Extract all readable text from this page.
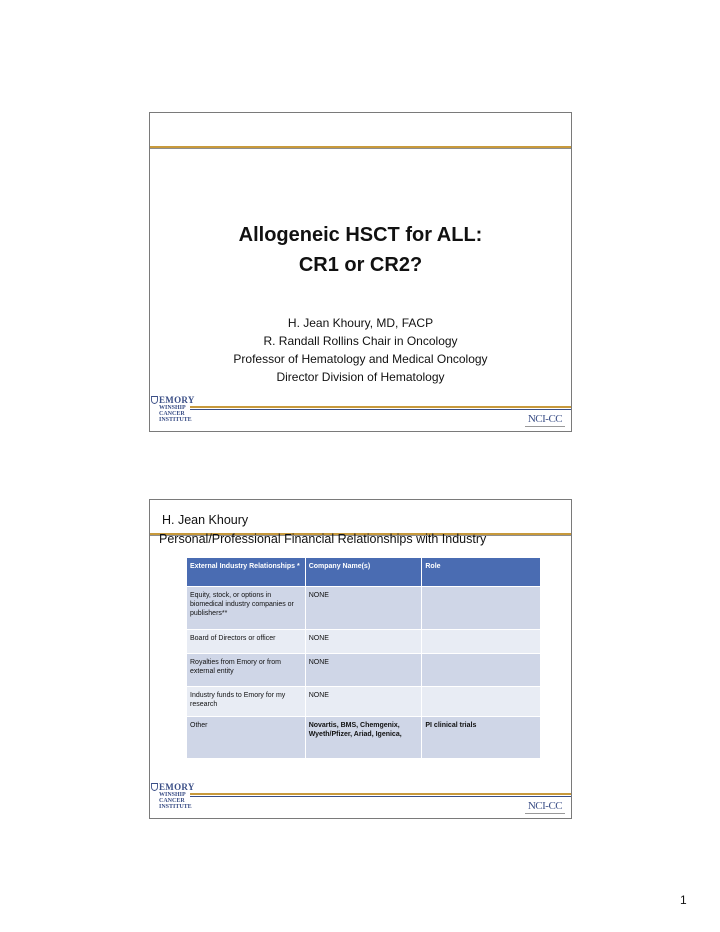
Allogeneic HSCT for ALL:
CR1 or CR2?
H. Jean Khoury, MD, FACP
R. Randall Rollins Chair in Oncology
Professor of Hematology and Medical Oncology
Director Division of Hematology
EMORY
WINSHIP
CANCER
INSTITUTE	NCI-CC
H. Jean Khoury
Personal/Professional Financial Relationships with Industry
External Industry Relationships *	Company Name(s)	Role
Equity, stock, or options in biomedical industry companies or publishers**	NONE	
Board of Directors or officer	NONE	
Royalties from Emory or from external entity	NONE	
Industry funds to Emory for my research	NONE	
Other	Novartis, BMS, Chemgenix, Wyeth/Pfizer, Ariad, Igenica,	PI clinical trials
EMORY
WINSHIP
CANCER
INSTITUTE	NCI-CC
1
